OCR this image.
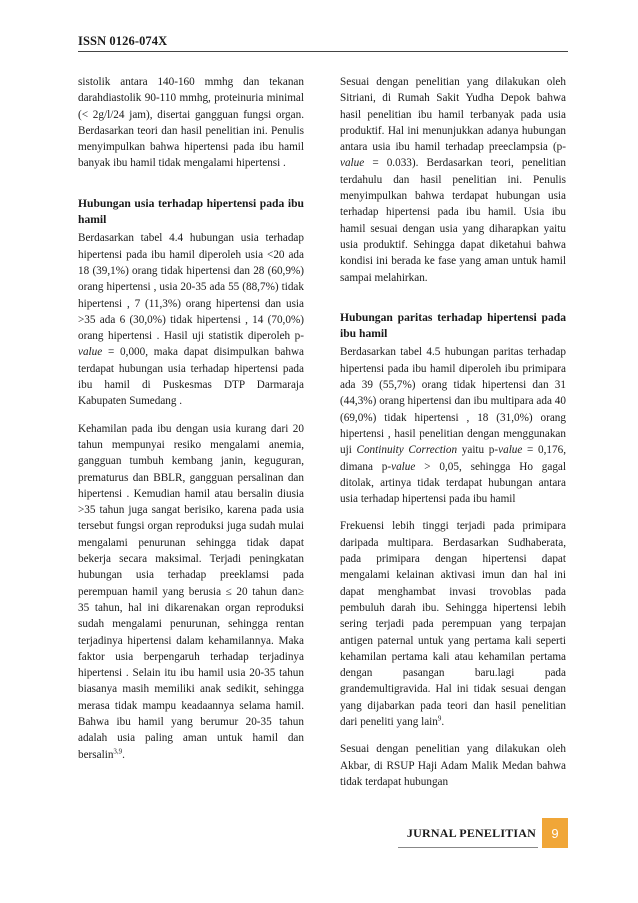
ISSN 0126-074X

sistolik antara 140-160 mmhg dan tekanan darahdiastolik 90-110 mmhg, proteinuria minimal (< 2g/l/24 jam), disertai gangguan fungsi organ. Berdasarkan teori dan hasil penelitian ini. Penulis menyimpulkan bahwa hipertensi pada ibu hamil banyak ibu hamil tidak mengalami hipertensi .

Hubungan usia terhadap hipertensi pada ibu hamil

Berdasarkan tabel 4.4 hubungan usia terhadap hipertensi pada ibu hamil diperoleh usia <20 ada 18 (39,1%) orang tidak hipertensi dan 28 (60,9%) orang hipertensi , usia 20-35 ada 55 (88,7%) tidak hipertensi , 7 (11,3%) orang hipertensi dan usia >35 ada 6 (30,0%) tidak hipertensi , 14 (70,0%) orang hipertensi . Hasil uji statistik diperoleh p-value = 0,000, maka dapat disimpulkan bahwa terdapat hubungan usia terhadap hipertensi pada ibu hamil di Puskesmas DTP Darmaraja Kabupaten Sumedang .

Kehamilan pada ibu dengan usia kurang dari 20 tahun mempunyai resiko mengalami anemia, gangguan tumbuh kembang janin, keguguran, prematurus dan BBLR, gangguan persalinan dan hipertensi . Kemudian hamil atau bersalin diusia >35 tahun juga sangat berisiko, karena pada usia tersebut fungsi organ reproduksi juga sudah mulai mengalami penurunan sehingga tidak dapat bekerja secara maksimal. Terjadi peningkatan hubungan usia terhadap preeklamsi pada perempuan hamil yang berusia ≤ 20 tahun dan≥ 35 tahun, hal ini dikarenakan organ reproduksi sudah mengalami penurunan, sehingga rentan terjadinya hipertensi dalam kehamilannya. Maka faktor usia berpengaruh terhadap terjadinya hipertensi . Selain itu ibu hamil usia 20-35 tahun biasanya masih memiliki anak sedikit, sehingga merasa tidak mampu keadaannya selama hamil. Bahwa ibu hamil yang berumur 20-35 tahun adalah usia paling aman untuk hamil dan bersalin$^{3,9}$.

Sesuai dengan penelitian yang dilakukan oleh Sitriani, di Rumah Sakit Yudha Depok bahwa hasil penelitian ibu hamil terbanyak pada usia produktif. Hal ini menunjukkan adanya hubungan antara usia ibu hamil terhadap preeclampsia (p-value = 0.033). Berdasarkan teori, penelitian terdahulu dan hasil penelitian ini. Penulis menyimpulkan bahwa terdapat hubungan usia terhadap hipertensi pada ibu hamil. Usia ibu hamil sesuai dengan usia yang diharapkan yaitu usia produktif. Sehingga dapat diketahui bahwa kondisi ini berada ke fase yang aman untuk hamil sampai melahirkan.

Hubungan paritas terhadap hipertensi pada ibu hamil

Berdasarkan tabel 4.5 hubungan paritas terhadap hipertensi pada ibu hamil diperoleh ibu primipara ada 39 (55,7%) orang tidak hipertensi dan 31 (44,3%) orang hipertensi dan ibu multipara ada 40 (69,0%) tidak hipertensi , 18 (31,0%) orang hipertensi , hasil penelitian dengan menggunakan uji Continuity Correction yaitu p-value = 0,176, dimana p-value > 0,05, sehingga Ho gagal ditolak, artinya tidak terdapat hubungan antara usia terhadap hipertensi pada ibu hamil

Frekuensi lebih tinggi terjadi pada primipara daripada multipara. Berdasarkan Sudhaberata, pada primipara dengan hipertensi dapat mengalami kelainan aktivasi imun dan hal ini dapat menghambat invasi trovoblas pada pembuluh darah ibu. Sehingga hipertensi lebih sering terjadi pada perempuan yang terpajan antigen paternal untuk yang pertama kali seperti kehamilan pertama kali atau kehamilan pertama dengan pasangan baru.lagi pada grandemultigravida. Hal ini tidak sesuai dengan yang dijabarkan pada teori dan hasil penelitian dari peneliti yang lain$^9$.

Sesuai dengan penelitian yang dilakukan oleh Akbar, di RSUP Haji Adam Malik Medan bahwa tidak terdapat hubungan

JURNAL PENELITIAN	9
